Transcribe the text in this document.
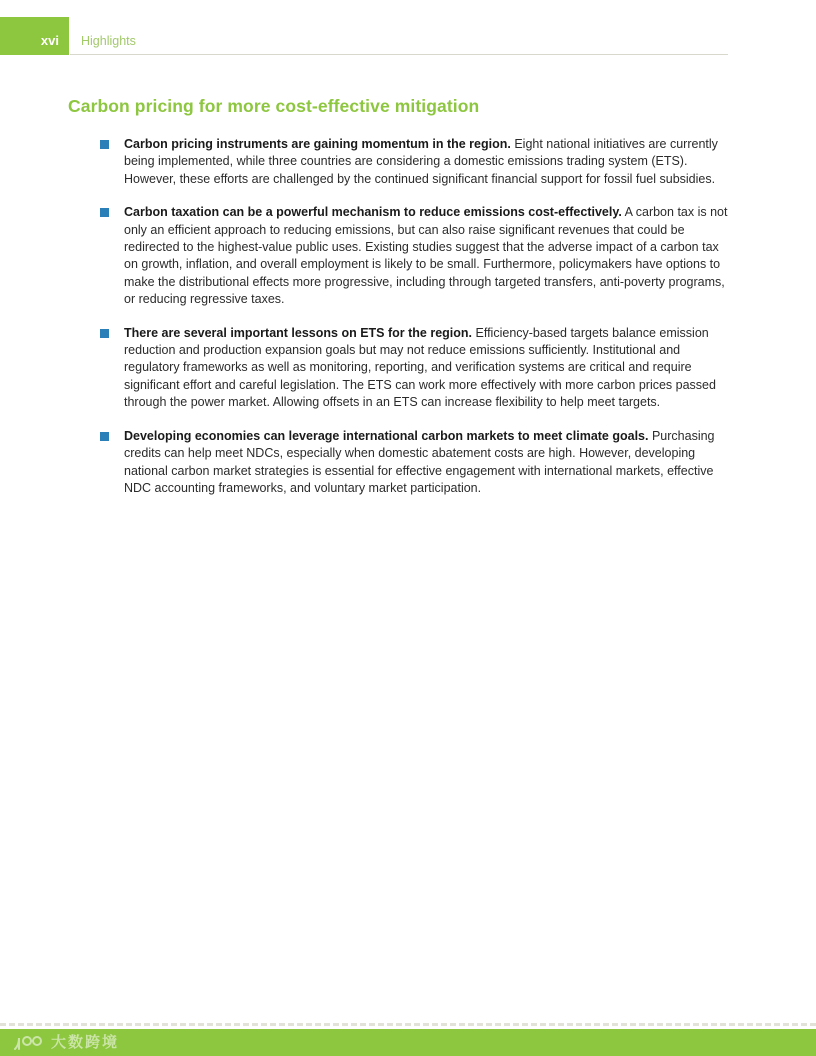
xvi Highlights
Carbon pricing for more cost-effective mitigation
Carbon pricing instruments are gaining momentum in the region. Eight national initiatives are currently being implemented, while three countries are considering a domestic emissions trading system (ETS). However, these efforts are challenged by the continued significant financial support for fossil fuel subsidies.
Carbon taxation can be a powerful mechanism to reduce emissions cost-effectively. A carbon tax is not only an efficient approach to reducing emissions, but can also raise significant revenues that could be redirected to the highest-value public uses. Existing studies suggest that the adverse impact of a carbon tax on growth, inflation, and overall employment is likely to be small. Furthermore, policymakers have options to make the distributional effects more progressive, including through targeted transfers, anti-poverty programs, or reducing regressive taxes.
There are several important lessons on ETS for the region. Efficiency-based targets balance emission reduction and production expansion goals but may not reduce emissions sufficiently. Institutional and regulatory frameworks as well as monitoring, reporting, and verification systems are critical and require significant effort and careful legislation. The ETS can work more effectively with more carbon prices passed through the power market. Allowing offsets in an ETS can increase flexibility to help meet targets.
Developing economies can leverage international carbon markets to meet climate goals. Purchasing credits can help meet NDCs, especially when domestic abatement costs are high. However, developing national carbon market strategies is essential for effective engagement with international markets, effective NDC accounting frameworks, and voluntary market participation.
大数跨境
